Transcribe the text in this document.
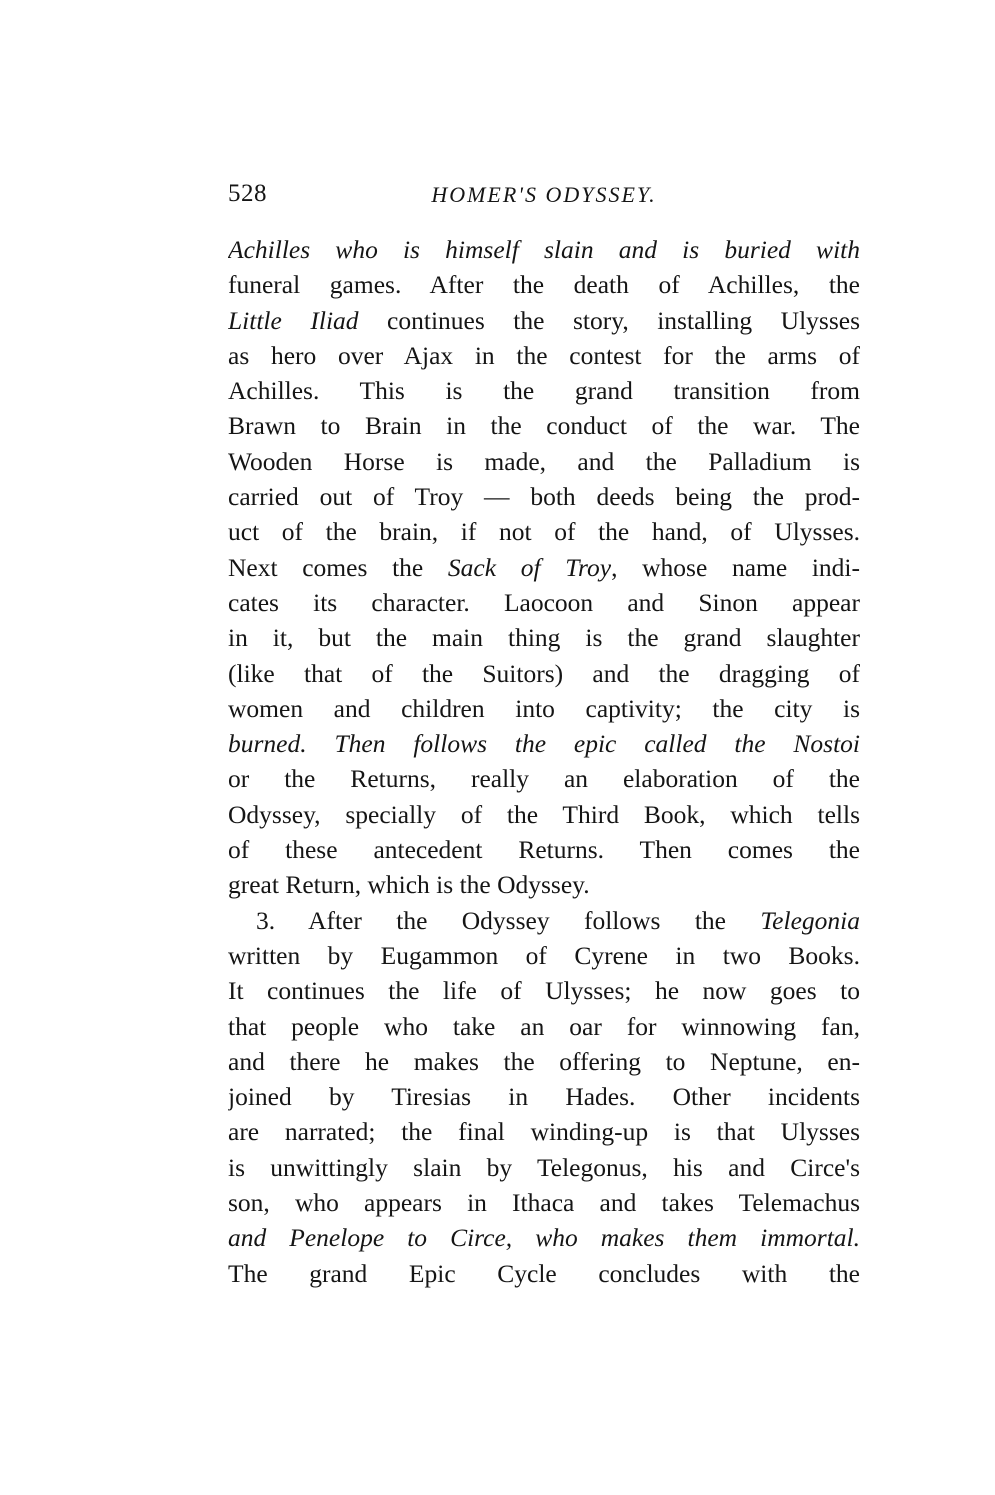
528	HOMER'S ODYSSEY.
Achilles who is himself slain and is buried with
funeral games. After the death of Achilles, the
Little Iliad continues the story, installing Ulysses
as hero over Ajax in the contest for the arms of
Achilles. This is the grand transition from
Brawn to Brain in the conduct of the war. The
Wooden Horse is made, and the Palladium is
carried out of Troy — both deeds being the prod-
uct of the brain, if not of the hand, of Ulysses.
Next comes the Sack of Troy, whose name indi-
cates its character. Laocoon and Sinon appear
in it, but the main thing is the grand slaughter
(like that of the Suitors) and the dragging of
women and children into captivity; the city is
burned. Then follows the epic called the Nostoi
or the Returns, really an elaboration of the
Odyssey, specially of the Third Book, which tells
of these antecedent Returns. Then comes the
great Return, which is the Odyssey.
3. After the Odyssey follows the Telegonia
written by Eugammon of Cyrene in two Books.
It continues the life of Ulysses; he now goes to
that people who take an oar for winnowing fan,
and there he makes the offering to Neptune, en-
joined by Tiresias in Hades. Other incidents
are narrated; the final winding-up is that Ulysses
is unwittingly slain by Telegonus, his and Circe's
son, who appears in Ithaca and takes Telemachus
and Penelope to Circe, who makes them immortal.
The grand Epic Cycle concludes with the
